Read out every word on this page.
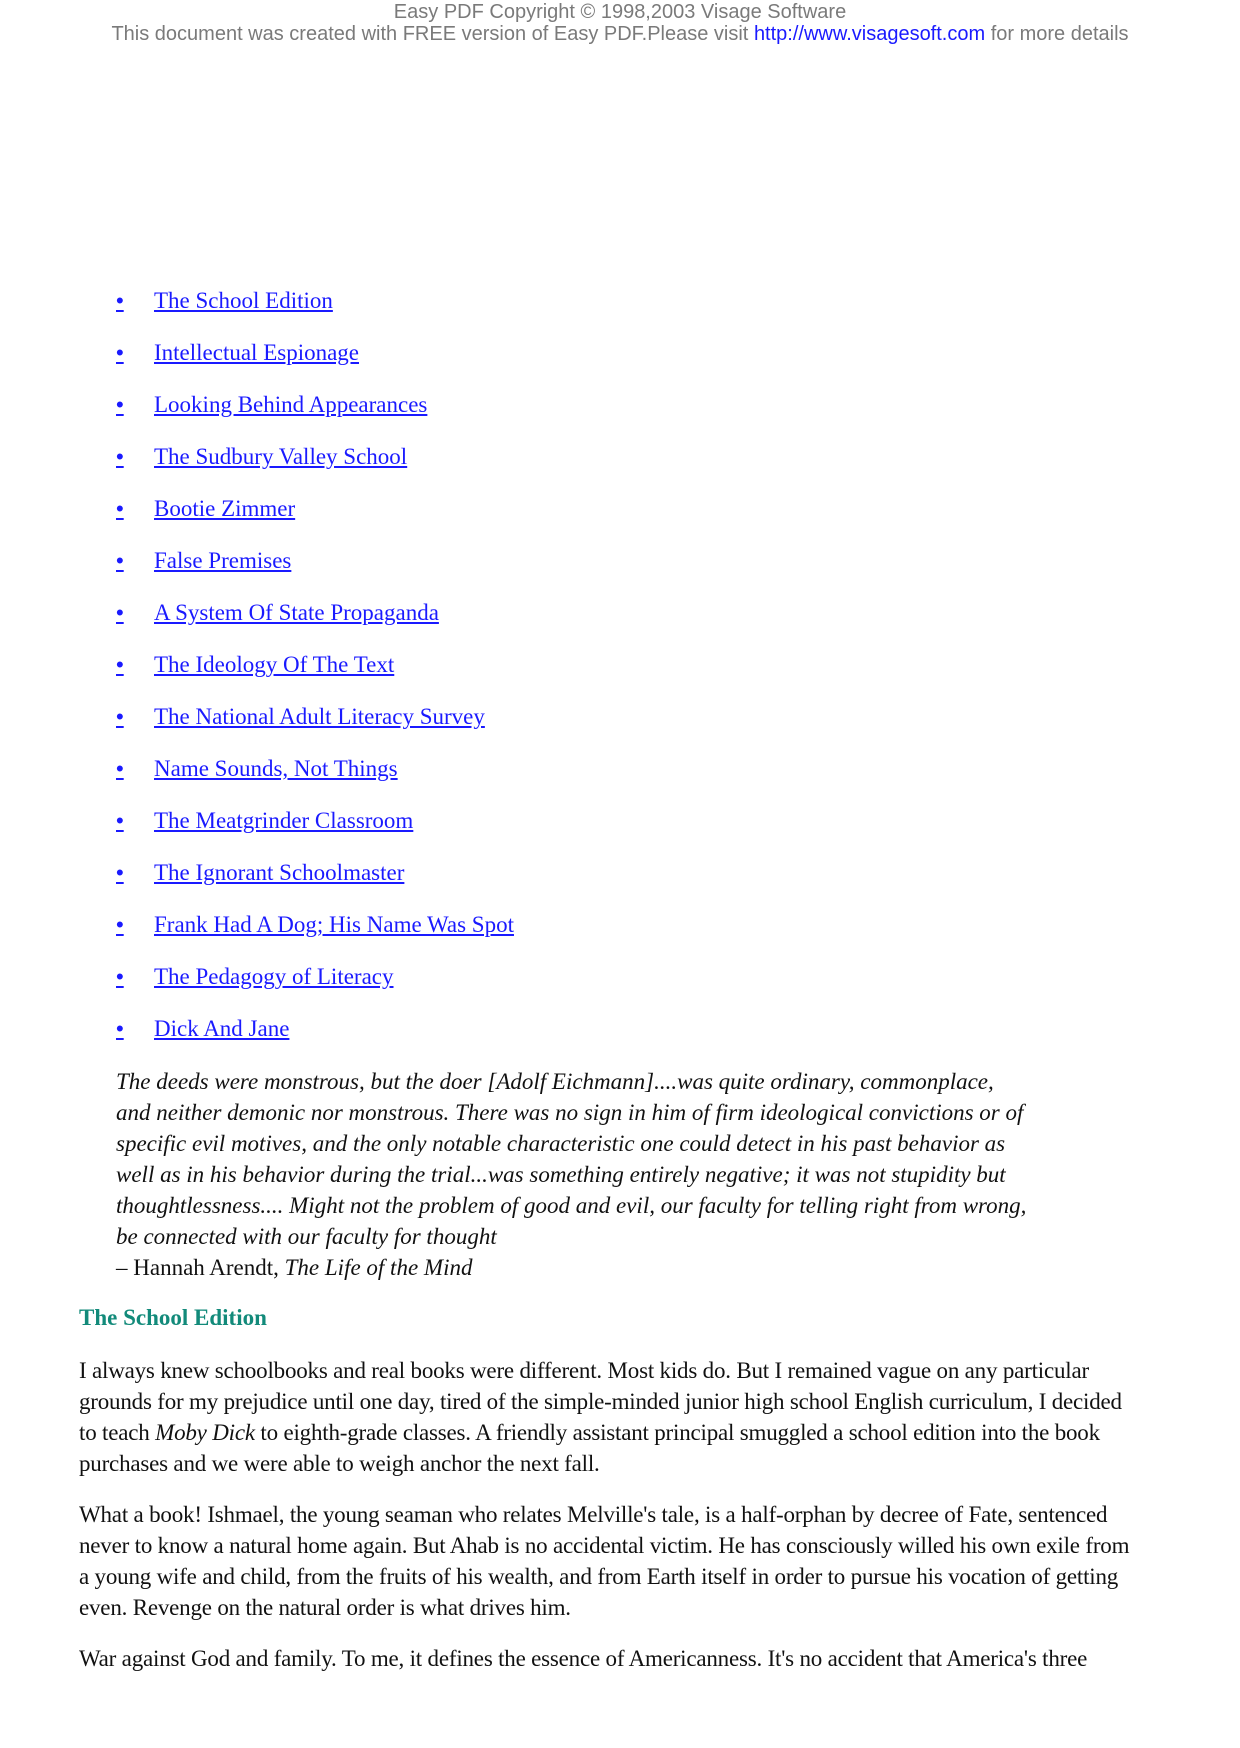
Easy PDF Copyright © 1998,2003 Visage Software
This document was created with FREE version of Easy PDF.Please visit http://www.visagesoft.com for more details
•	The School Edition
•	Intellectual Espionage
•	Looking Behind Appearances
•	The Sudbury Valley School
•	Bootie Zimmer
•	False Premises
•	A System Of State Propaganda
•	The Ideology Of The Text
•	The National Adult Literacy Survey
•	Name Sounds, Not Things
•	The Meatgrinder Classroom
•	The Ignorant Schoolmaster
•	Frank Had A Dog; His Name Was Spot
•	The Pedagogy of Literacy
•	Dick And Jane
The deeds were monstrous, but the doer [Adolf Eichmann]....was quite ordinary, commonplace,
and neither demonic nor monstrous. There was no sign in him of firm ideological convictions or of
specific evil motives, and the only notable characteristic one could detect in his past behavior as
well as in his behavior during the trial...was something entirely negative; it was not stupidity but
thoughtlessness.... Might not the problem of good and evil, our faculty for telling right from wrong,
be connected with our faculty for thought
– Hannah Arendt, The Life of the Mind
The School Edition

I always knew schoolbooks and real books were different. Most kids do. But I remained vague on any particular
grounds for my prejudice until one day, tired of the simple-minded junior high school English curriculum, I decided
to teach Moby Dick to eighth-grade classes. A friendly assistant principal smuggled a school edition into the book
purchases and we were able to weigh anchor the next fall.

What a book! Ishmael, the young seaman who relates Melville's tale, is a half-orphan by decree of Fate, sentenced
never to know a natural home again. But Ahab is no accidental victim. He has consciously willed his own exile from
a young wife and child, from the fruits of his wealth, and from Earth itself in order to pursue his vocation of getting
even. Revenge on the natural order is what drives him.

War against God and family. To me, it defines the essence of Americanness. It's no accident that America's three
